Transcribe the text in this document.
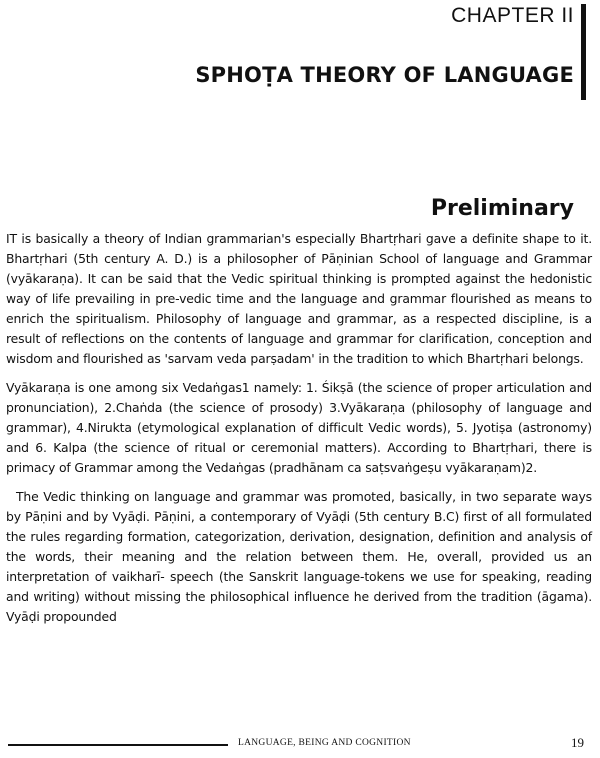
CHAPTER II
SPHOṬA THEORY OF LANGUAGE
Preliminary

IT is basically a theory of Indian grammarian's especially Bhartṛhari gave a definite shape to it. Bhartṛhari (5th century A. D.) is a philosopher of Pāṇinian School of language and Grammar (vyākaraṇa). It can be said that the Vedic spiritual thinking is prompted against the hedonistic way of life prevailing in pre-vedic time and the language and grammar flourished as means to enrich the spiritualism. Philosophy of language and grammar, as a respected discipline, is a result of reflections on the contents of language and grammar for clarification, conception and wisdom and flourished as 'sarvam veda parṣadam' in the tradition to which Bhartṛhari belongs.

Vyākaraṇa is one among six Vedaṅgas1 namely: 1. Śikṣā (the science of proper articulation and pronunciation), 2.Chaṅda (the science of prosody) 3.Vyākaraṇa (philosophy of language and grammar), 4.Nirukta (etymological explanation of difficult Vedic words), 5. Jyotiṣa (astronomy) and 6. Kalpa (the science of ritual or ceremonial matters). According to Bhartṛhari, there is primacy of Grammar among the Vedaṅgas (pradhānam ca saṭsvaṅgeṣu vyākaraṇam)2.

The Vedic thinking on language and grammar was promoted, basically, in two separate ways by Pāṇini and by Vyāḍi. Pāṇini, a contemporary of Vyāḍi (5th century B.C) first of all formulated the rules regarding formation, categorization, derivation, designation, definition and analysis of the words, their meaning and the relation between them. He, overall, provided us an interpretation of vaikharī- speech (the Sanskrit language-tokens we use for speaking, reading and writing) without missing the philosophical influence he derived from the tradition (āgama). Vyāḍi propounded

LANGUAGE, BEING AND COGNITION	19
